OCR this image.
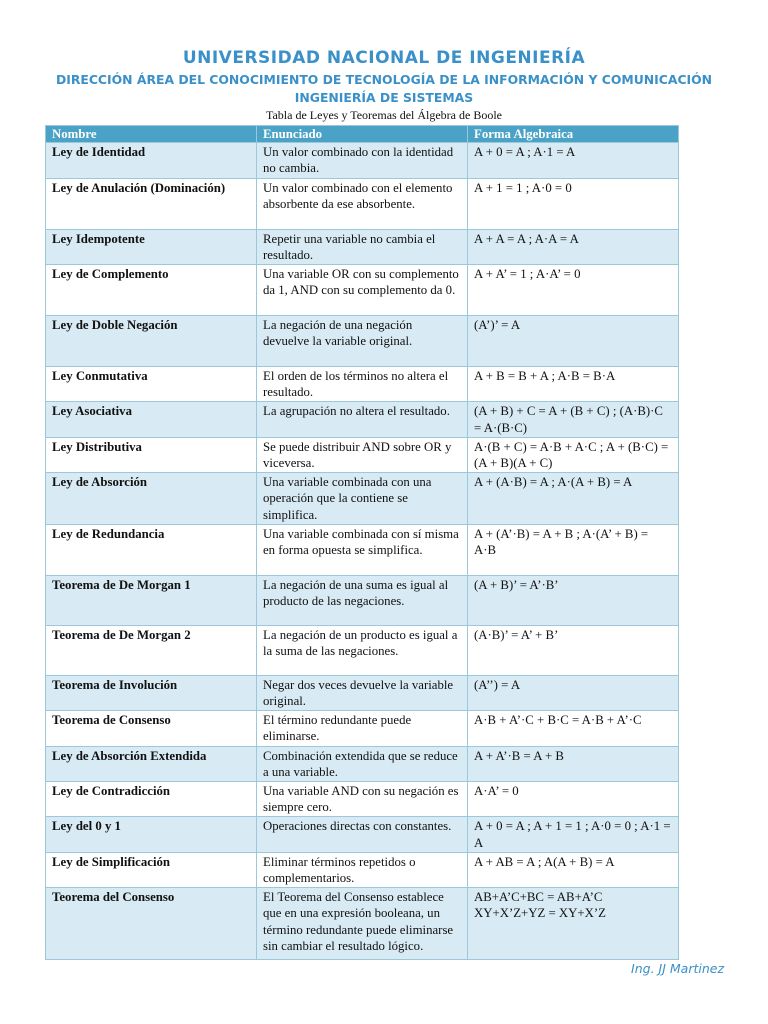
UNIVERSIDAD NACIONAL DE INGENIERÍA
DIRECCIÓN ÁREA DEL CONOCIMIENTO DE TECNOLOGÍA DE LA INFORMACIÓN Y COMUNICACIÓN
INGENIERÍA DE SISTEMAS
Tabla de Leyes y Teoremas del Álgebra de Boole
Nombre	Enunciado	Forma Algebraica
Ley de Identidad	Un valor combinado con la identidad no cambia.	A + 0 = A ; A·1 = A
Ley de Anulación (Dominación)	Un valor combinado con el elemento absorbente da ese absorbente.	A + 1 = 1 ; A·0 = 0
Ley Idempotente	Repetir una variable no cambia el resultado.	A + A = A ; A·A = A
Ley de Complemento	Una variable OR con su complemento da 1, AND con su complemento da 0.	A + A’ = 1 ; A·A’ = 0
Ley de Doble Negación	La negación de una negación devuelve la variable original.	(A’)’ = A
Ley Conmutativa	El orden de los términos no altera el resultado.	A + B = B + A ; A·B = B·A
Ley Asociativa	La agrupación no altera el resultado.	(A + B) + C = A + (B + C) ; (A·B)·C = A·(B·C)
Ley Distributiva	Se puede distribuir AND sobre OR y viceversa.	A·(B + C) = A·B + A·C ; A + (B·C) = (A + B)(A + C)
Ley de Absorción	Una variable combinada con una operación que la contiene se simplifica.	A + (A·B) = A ; A·(A + B) = A
Ley de Redundancia	Una variable combinada con sí misma en forma opuesta se simplifica.	A + (A’·B) = A + B ; A·(A’ + B) = A·B
Teorema de De Morgan 1	La negación de una suma es igual al producto de las negaciones.	(A + B)’ = A’·B’
Teorema de De Morgan 2	La negación de un producto es igual a la suma de las negaciones.	(A·B)’ = A’ + B’
Teorema de Involución	Negar dos veces devuelve la variable original.	(A’’) = A
Teorema de Consenso	El término redundante puede eliminarse.	A·B + A’·C + B·C = A·B + A’·C
Ley de Absorción Extendida	Combinación extendida que se reduce a una variable.	A + A’·B = A + B
Ley de Contradicción	Una variable AND con su negación es siempre cero.	A·A’ = 0
Ley del 0 y 1	Operaciones directas con constantes.	A + 0 = A ; A + 1 = 1 ; A·0 = 0 ; A·1 = A
Ley de Simplificación	Eliminar términos repetidos o complementarios.	A + AB = A ; A(A + B) = A
Teorema del Consenso	El Teorema del Consenso establece que en una expresión booleana, un término redundante puede eliminarse sin cambiar el resultado lógico.	AB+A’C+BC = AB+A’C
XY+X’Z+YZ = XY+X’Z
Ing. JJ Martinez
